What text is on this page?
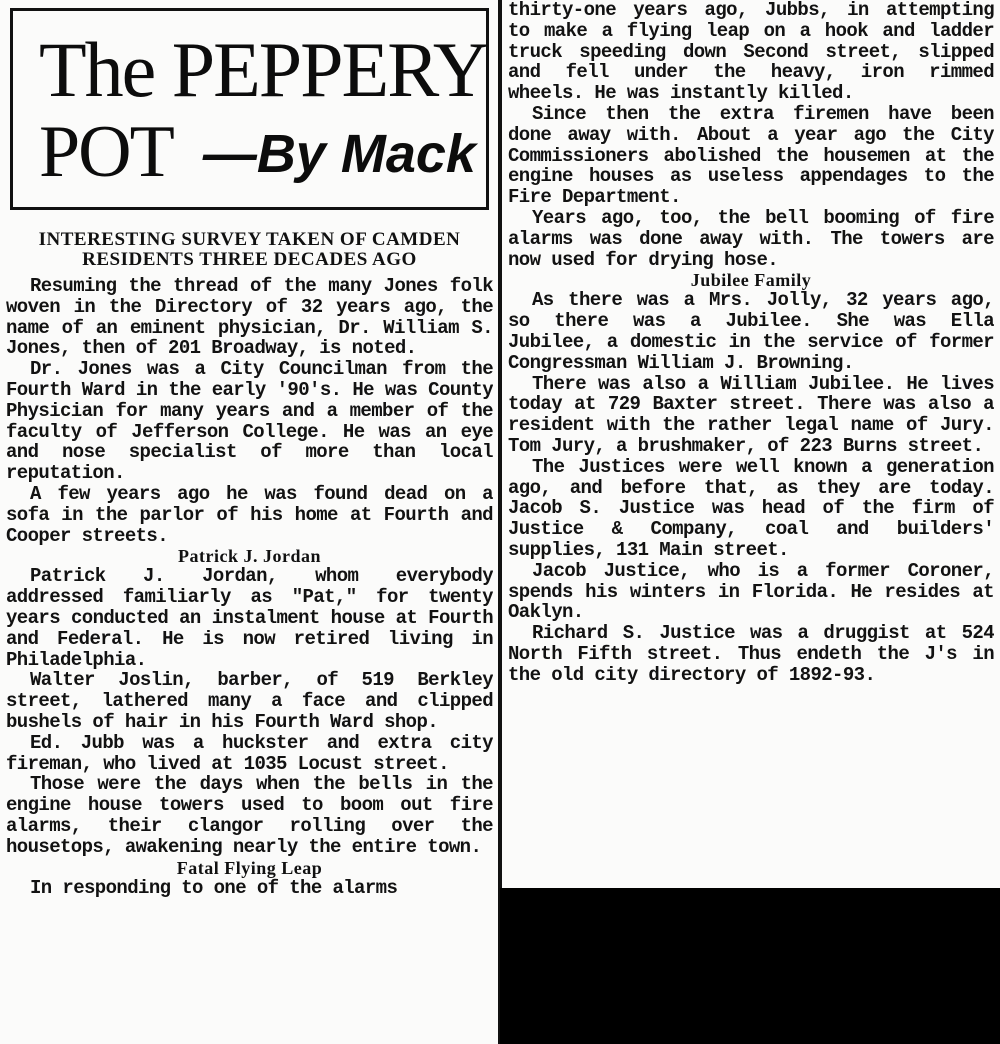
The PEPPERY
POT —By Mack
INTERESTING SURVEY TAKEN OF CAMDEN RESIDENTS THREE DECADES AGO

Resuming the thread of the many Jones folk woven in the Directory of 32 years ago, the name of an eminent physician, Dr. William S. Jones, then of 201 Broadway, is noted.

Dr. Jones was a City Councilman from the Fourth Ward in the early '90's. He was County Physician for many years and a member of the faculty of Jefferson College. He was an eye and nose specialist of more than local reputation.

A few years ago he was found dead on a sofa in the parlor of his home at Fourth and Cooper streets.

Patrick J. Jordan

Patrick J. Jordan, whom everybody addressed familiarly as "Pat," for twenty years conducted an instalment house at Fourth and Federal. He is now retired living in Philadelphia.

Walter Joslin, barber, of 519 Berkley street, lathered many a face and clipped bushels of hair in his Fourth Ward shop.

Ed. Jubb was a huckster and extra city fireman, who lived at 1035 Locust street.

Those were the days when the bells in the engine house towers used to boom out fire alarms, their clangor rolling over the housetops, awakening nearly the entire town.

Fatal Flying Leap

In responding to one of the alarms

thirty-one years ago, Jubbs, in attempting to make a flying leap on a hook and ladder truck speeding down Second street, slipped and fell under the heavy, iron rimmed wheels. He was instantly killed.

Since then the extra firemen have been done away with. About a year ago the City Commissioners abolished the housemen at the engine houses as useless appendages to the Fire Department.

Years ago, too, the bell booming of fire alarms was done away with. The towers are now used for drying hose.

Jubilee Family

As there was a Mrs. Jolly, 32 years ago, so there was a Jubilee. She was Ella Jubilee, a domestic in the service of former Congressman William J. Browning.

There was also a William Jubilee. He lives today at 729 Baxter street. There was also a resident with the rather legal name of Jury. Tom Jury, a brushmaker, of 223 Burns street.

The Justices were well known a generation ago, and before that, as they are today. Jacob S. Justice was head of the firm of Justice & Company, coal and builders' supplies, 131 Main street.

Jacob Justice, who is a former Coroner, spends his winters in Florida. He resides at Oaklyn.

Richard S. Justice was a druggist at 524 North Fifth street. Thus endeth the J's in the old city directory of 1892-93.
